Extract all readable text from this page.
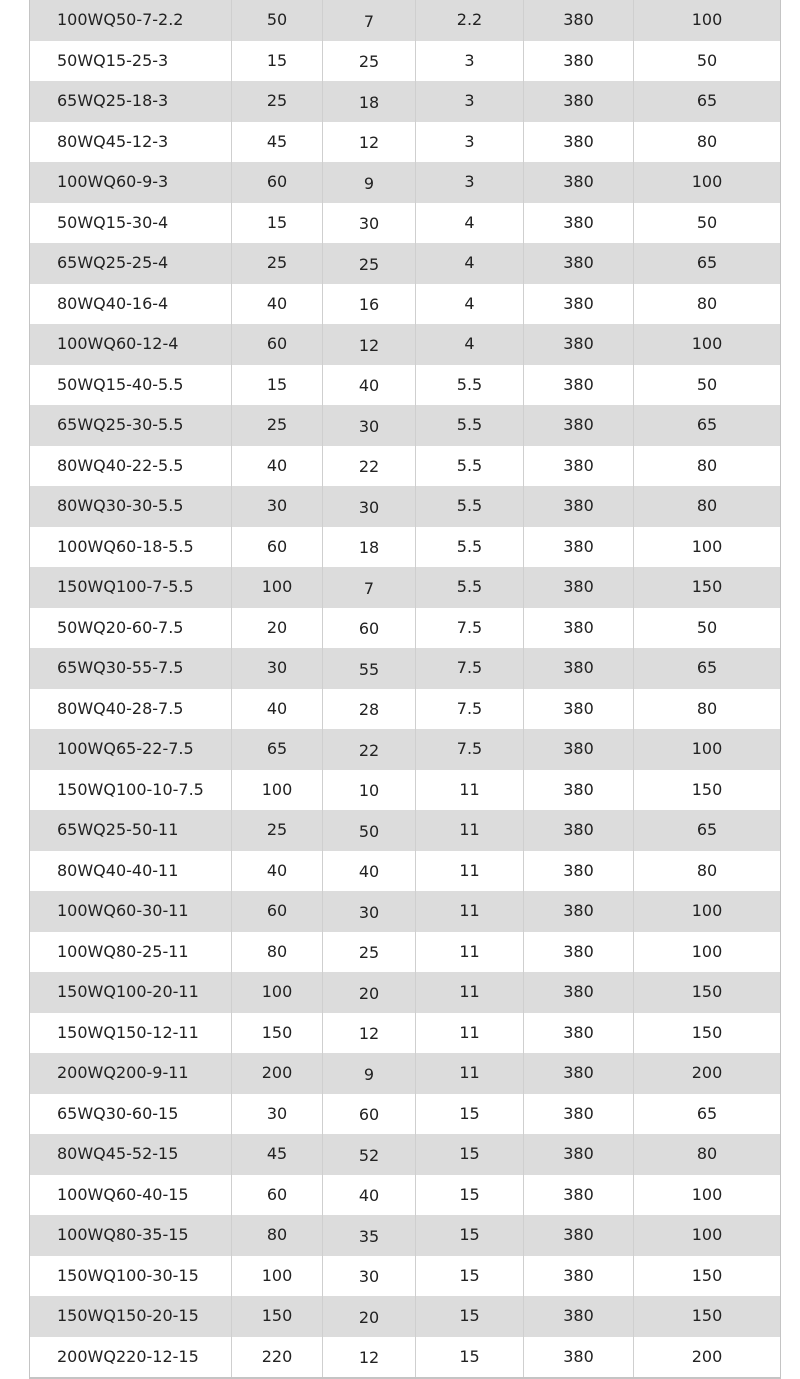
100WQ50-7-2.2	50	7	2.2	380	100
50WQ15-25-3	15	25	3	380	50
65WQ25-18-3	25	18	3	380	65
80WQ45-12-3	45	12	3	380	80
100WQ60-9-3	60	9	3	380	100
50WQ15-30-4	15	30	4	380	50
65WQ25-25-4	25	25	4	380	65
80WQ40-16-4	40	16	4	380	80
100WQ60-12-4	60	12	4	380	100
50WQ15-40-5.5	15	40	5.5	380	50
65WQ25-30-5.5	25	30	5.5	380	65
80WQ40-22-5.5	40	22	5.5	380	80
80WQ30-30-5.5	30	30	5.5	380	80
100WQ60-18-5.5	60	18	5.5	380	100
150WQ100-7-5.5	100	7	5.5	380	150
50WQ20-60-7.5	20	60	7.5	380	50
65WQ30-55-7.5	30	55	7.5	380	65
80WQ40-28-7.5	40	28	7.5	380	80
100WQ65-22-7.5	65	22	7.5	380	100
150WQ100-10-7.5	100	10	11	380	150
65WQ25-50-11	25	50	11	380	65
80WQ40-40-11	40	40	11	380	80
100WQ60-30-11	60	30	11	380	100
100WQ80-25-11	80	25	11	380	100
150WQ100-20-11	100	20	11	380	150
150WQ150-12-11	150	12	11	380	150
200WQ200-9-11	200	9	11	380	200
65WQ30-60-15	30	60	15	380	65
80WQ45-52-15	45	52	15	380	80
100WQ60-40-15	60	40	15	380	100
100WQ80-35-15	80	35	15	380	100
150WQ100-30-15	100	30	15	380	150
150WQ150-20-15	150	20	15	380	150
200WQ220-12-15	220	12	15	380	200
